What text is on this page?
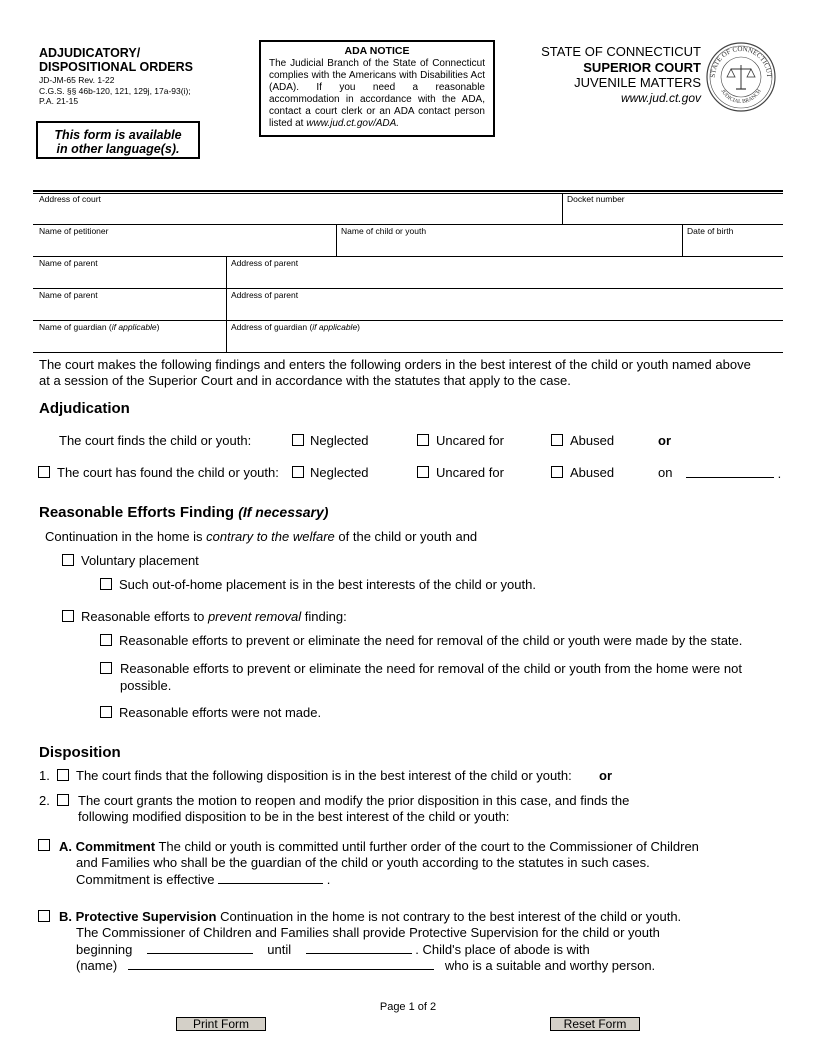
ADJUDICATORY/
DISPOSITIONAL ORDERS
JD-JM-65 Rev. 1-22
C.G.S. §§ 46b-120, 121, 129j, 17a-93(i);
P.A. 21-15
This form is available
in other language(s).
ADA NOTICE
The Judicial Branch of the State of Connecticut complies with the Americans with Disabilities Act (ADA). If you need a reasonable accommodation in accordance with the ADA, contact a court clerk or an ADA contact person listed at www.jud.ct.gov/ADA.
STATE OF CONNECTICUT
SUPERIOR COURT
JUVENILE MATTERS
www.jud.ct.gov
STATE OF CONNECTICUT
JUDICIAL BRANCH
Address of court	Docket number
Name of petitioner	Name of child or youth	Date of birth
Name of parent	Address of parent
Name of parent	Address of parent
Name of guardian (if applicable)	Address of guardian (if applicable)
The court makes the following findings and enters the following orders in the best interest of the child or youth named above
at a session of the Superior Court and in accordance with the statutes that apply to the case.
Adjudication
The court finds the child or youth:	Neglected	Uncared for	Abused	or
The court has found the child or youth: Neglected	Uncared for	Abused	on	.
Reasonable Efforts Finding (If necessary)
Continuation in the home is contrary to the welfare of the child or youth and
Voluntary placement
Such out-of-home placement is in the best interests of the child or youth.
Reasonable efforts to prevent removal finding:
Reasonable efforts to prevent or eliminate the need for removal of the child or youth were made by the state.
Reasonable efforts to prevent or eliminate the need for removal of the child or youth from the home were not
possible.
Reasonable efforts were not made.
Disposition
1. The court finds that the following disposition is in the best interest of the child or youth: or
2. The court grants the motion to reopen and modify the prior disposition in this case, and finds the
following modified disposition to be in the best interest of the child or youth:
A. Commitment The child or youth is committed until further order of the court to the Commissioner of Children
and Families who shall be the guardian of the child or youth according to the statutes in such cases.
Commitment is effective	.
B. Protective Supervision Continuation in the home is not contrary to the best interest of the child or youth.
The Commissioner of Children and Families shall provide Protective Supervision for the child or youth
beginning	until	. Child's place of abode is with
(name)	who is a suitable and worthy person.
Page 1 of 2
Print Form	Reset Form
